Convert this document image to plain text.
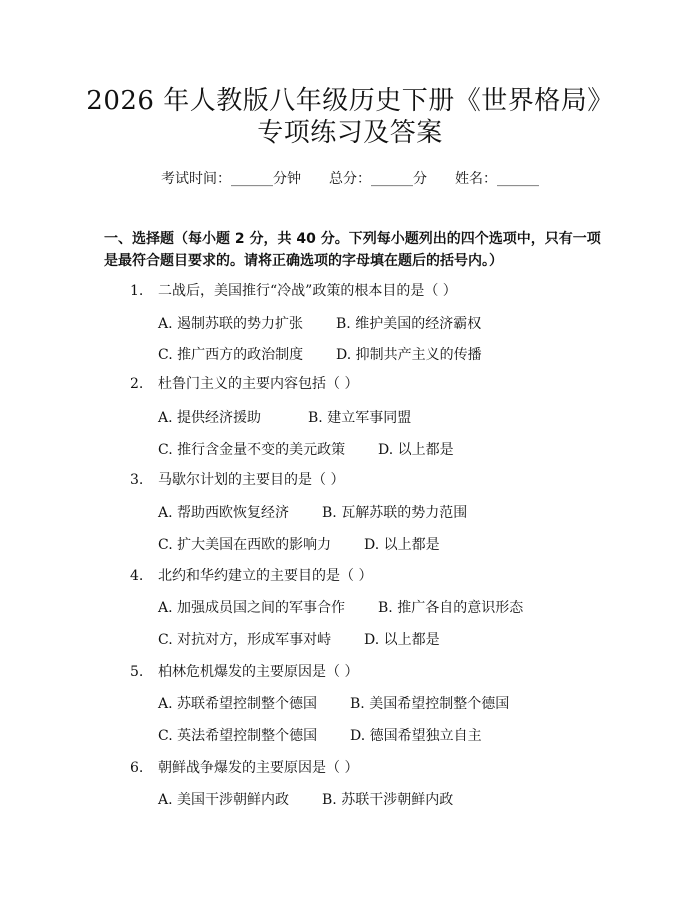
2026 年人教版八年级历史下册《世界格局》
专项练习及答案
考试时间：______分钟 总分：______分 姓名：______
一、选择题（每小题 2 分，共 40 分。下列每小题列出的四个选项中，只有一项是最符合题目要求的。请将正确选项的字母填在题后的括号内。）
1. 二战后，美国推行“冷战”政策的根本目的是（ ）
A. 遏制苏联的势力扩张 B. 维护美国的经济霸权
C. 推广西方的政治制度 D. 抑制共产主义的传播
2. 杜鲁门主义的主要内容包括（ ）
A. 提供经济援助	B. 建立军事同盟
C. 推行含金量不变的美元政策 D. 以上都是
3. 马歇尔计划的主要目的是（ ）
A. 帮助西欧恢复经济 B. 瓦解苏联的势力范围
C. 扩大美国在西欧的影响力 D. 以上都是
4. 北约和华约建立的主要目的是（ ）
A. 加强成员国之间的军事合作 B. 推广各自的意识形态
C. 对抗对方，形成军事对峙 D. 以上都是
5. 柏林危机爆发的主要原因是（ ）
A. 苏联希望控制整个德国 B. 美国希望控制整个德国
C. 英法希望控制整个德国 D. 德国希望独立自主
6. 朝鲜战争爆发的主要原因是（ ）
A. 美国干涉朝鲜内政 B. 苏联干涉朝鲜内政
